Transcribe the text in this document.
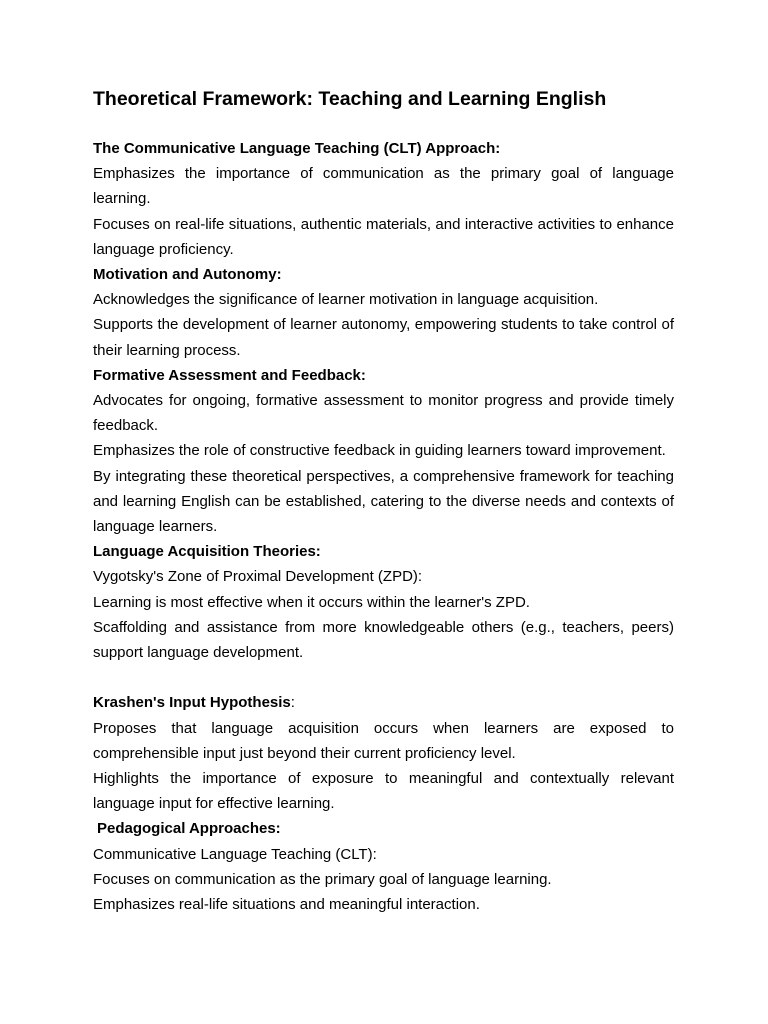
Theoretical Framework: Teaching and Learning English

The Communicative Language Teaching (CLT) Approach:

Emphasizes the importance of communication as the primary goal of language learning.

Focuses on real-life situations, authentic materials, and interactive activities to enhance language proficiency.

Motivation and Autonomy:

Acknowledges the significance of learner motivation in language acquisition.

Supports the development of learner autonomy, empowering students to take control of their learning process.

Formative Assessment and Feedback:

Advocates for ongoing, formative assessment to monitor progress and provide timely feedback.

Emphasizes the role of constructive feedback in guiding learners toward improvement.

By integrating these theoretical perspectives, a comprehensive framework for teaching and learning English can be established, catering to the diverse needs and contexts of language learners.

Language Acquisition Theories:

Vygotsky's Zone of Proximal Development (ZPD):

Learning is most effective when it occurs within the learner's ZPD.

Scaffolding and assistance from more knowledgeable others (e.g., teachers, peers) support language development.

Krashen's Input Hypothesis:

Proposes that language acquisition occurs when learners are exposed to comprehensible input just beyond their current proficiency level.

Highlights the importance of exposure to meaningful and contextually relevant language input for effective learning.

Pedagogical Approaches:

Communicative Language Teaching (CLT):

Focuses on communication as the primary goal of language learning.

Emphasizes real-life situations and meaningful interaction.
